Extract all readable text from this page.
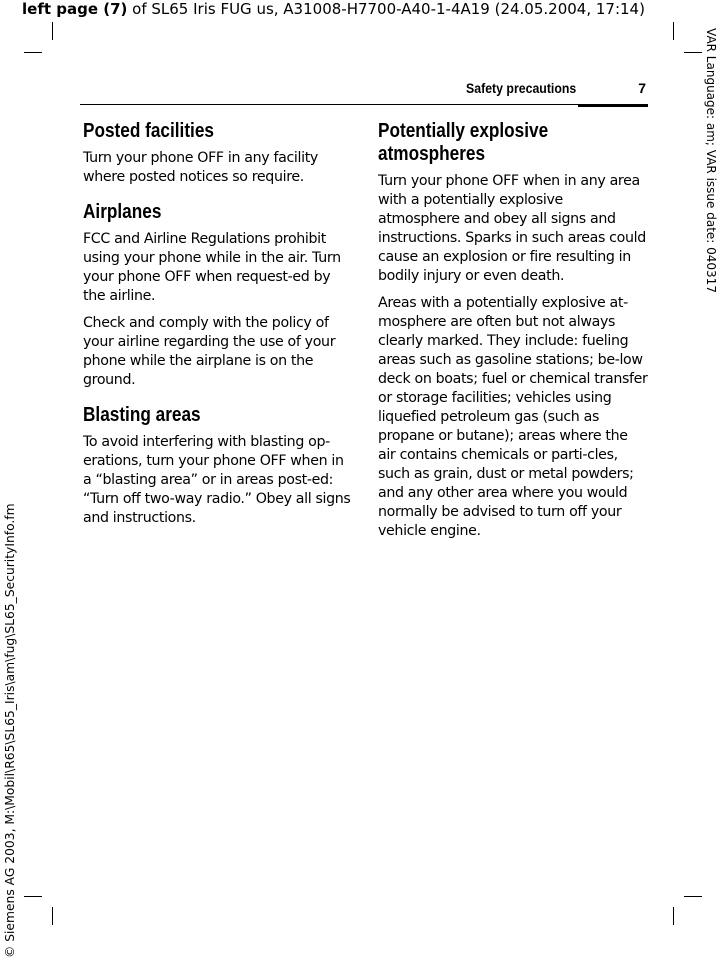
left page (7) of SL65 Iris FUG us, A31008-H7700-A40-1-4A19 (24.05.2004, 17:14)
VAR Language: am; VAR issue date: 040317
© Siemens AG 2003, M:\Mobil\R65\SL65_Iris\am\fug\SL65_SecurityInfo.fm
Safety precautions	7
Posted facilities

Turn your phone OFF in any facility where posted notices so require.

Airplanes

FCC and Airline Regulations prohibit using your phone while in the air. Turn your phone OFF when request-ed by the airline.

Check and comply with the policy of your airline regarding the use of your phone while the airplane is on the ground.

Blasting areas

To avoid interfering with blasting op-erations, turn your phone OFF when in a “blasting area” or in areas post-ed: “Turn off two-way radio.” Obey all signs and instructions.

Potentially explosive atmospheres

Turn your phone OFF when in any area with a potentially explosive atmosphere and obey all signs and instructions. Sparks in such areas could cause an explosion or fire resulting in bodily injury or even death.

Areas with a potentially explosive at-mosphere are often but not always clearly marked. They include: fueling areas such as gasoline stations; be-low deck on boats; fuel or chemical transfer or storage facilities; vehicles using liquefied petroleum gas (such as propane or butane); areas where the air contains chemicals or parti-cles, such as grain, dust or metal powders; and any other area where you would normally be advised to turn off your vehicle engine.
